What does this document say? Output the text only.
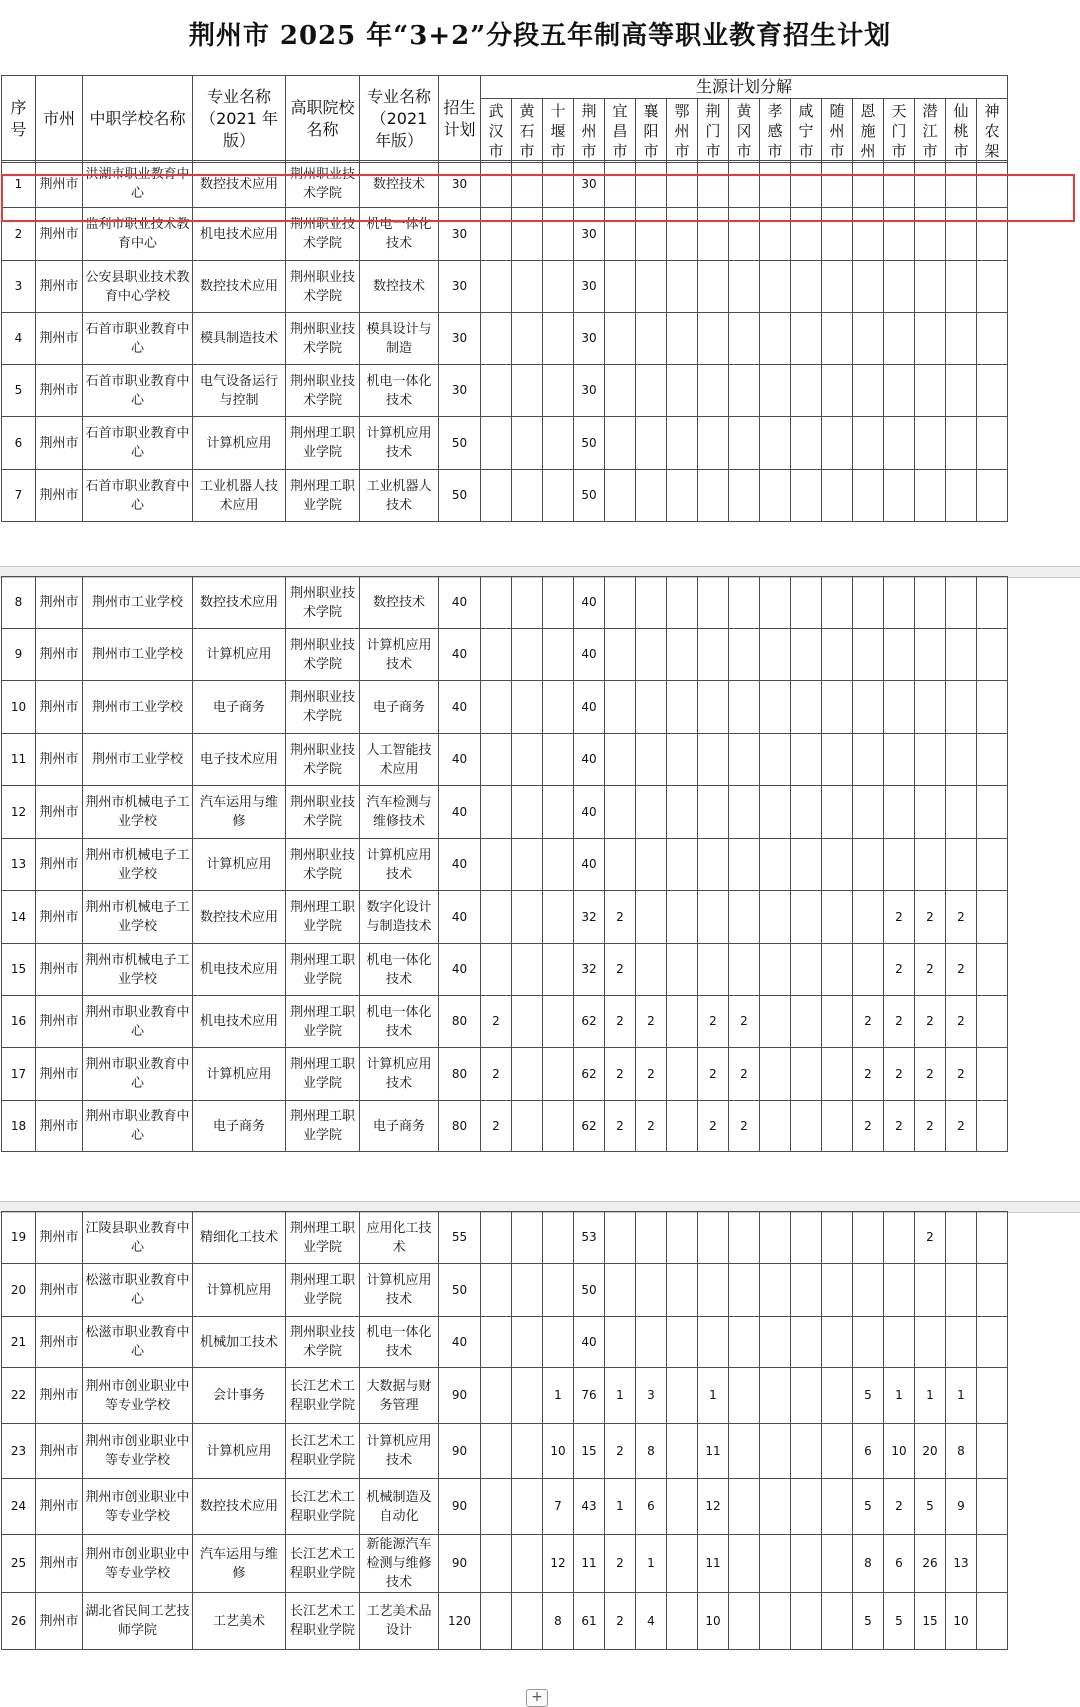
荆州市 2025 年“3+2”分段五年制高等职业教育招生计划
序号	市州	中职学校名称	专业名称（2021 年版）	高职院校名称	专业名称（2021 年版）	招生计划	生源计划分解																
							武汉市	黄石市	十堰市	荆州市	宜昌市	襄阳市	鄂州市	荆门市	黄冈市	孝感市	咸宁市	随州市	恩施州	天门市	潜江市	仙桃市	神农架
1	荆州市	洪湖市职业教育中心	数控技术应用	荆州职业技术学院	数控技术	30				30													
2	荆州市	监利市职业技术教育中心	机电技术应用	荆州职业技术学院	机电一体化技术	30				30													
3	荆州市	公安县职业技术教育中心学校	数控技术应用	荆州职业技术学院	数控技术	30				30													
4	荆州市	石首市职业教育中心	模具制造技术	荆州职业技术学院	模具设计与制造	30				30													
5	荆州市	石首市职业教育中心	电气设备运行与控制	荆州职业技术学院	机电一体化技术	30				30													
6	荆州市	石首市职业教育中心	计算机应用	荆州理工职业学院	计算机应用技术	50				50													
7	荆州市	石首市职业教育中心	工业机器人技术应用	荆州理工职业学院	工业机器人技术	50				50													
8	荆州市	荆州市工业学校	数控技术应用	荆州职业技术学院	数控技术	40				40													
9	荆州市	荆州市工业学校	计算机应用	荆州职业技术学院	计算机应用技术	40				40													
10	荆州市	荆州市工业学校	电子商务	荆州职业技术学院	电子商务	40				40													
11	荆州市	荆州市工业学校	电子技术应用	荆州职业技术学院	人工智能技术应用	40				40													
12	荆州市	荆州市机械电子工业学校	汽车运用与维修	荆州职业技术学院	汽车检测与维修技术	40				40													
13	荆州市	荆州市机械电子工业学校	计算机应用	荆州职业技术学院	计算机应用技术	40				40													
14	荆州市	荆州市机械电子工业学校	数控技术应用	荆州理工职业学院	数字化设计与制造技术	40				32	2									2	2	2	
15	荆州市	荆州市机械电子工业学校	机电技术应用	荆州理工职业学院	机电一体化技术	40				32	2									2	2	2	
16	荆州市	荆州市职业教育中心	机电技术应用	荆州理工职业学院	机电一体化技术	80	2			62	2	2		2	2				2	2	2	2	
17	荆州市	荆州市职业教育中心	计算机应用	荆州理工职业学院	计算机应用技术	80	2			62	2	2		2	2				2	2	2	2	
18	荆州市	荆州市职业教育中心	电子商务	荆州理工职业学院	电子商务	80	2			62	2	2		2	2				2	2	2	2	
19	荆州市	江陵县职业教育中心	精细化工技术	荆州理工职业学院	应用化工技术	55				53											2		
20	荆州市	松滋市职业教育中心	计算机应用	荆州理工职业学院	计算机应用技术	50				50													
21	荆州市	松滋市职业教育中心	机械加工技术	荆州职业技术学院	机电一体化技术	40				40													
22	荆州市	荆州市创业职业中等专业学校	会计事务	长江艺术工程职业学院	大数据与财务管理	90			1	76	1	3		1					5	1	1	1	
23	荆州市	荆州市创业职业中等专业学校	计算机应用	长江艺术工程职业学院	计算机应用技术	90			10	15	2	8		11					6	10	20	8	
24	荆州市	荆州市创业职业中等专业学校	数控技术应用	长江艺术工程职业学院	机械制造及自动化	90			7	43	1	6		12					5	2	5	9	
25	荆州市	荆州市创业职业中等专业学校	汽车运用与维修	长江艺术工程职业学院	新能源汽车检测与维修技术	90			12	11	2	1		11					8	6	26	13	
26	荆州市	湖北省民间工艺技师学院	工艺美术	长江艺术工程职业学院	工艺美术品设计	120			8	61	2	4		10					5	5	15	10	
+
